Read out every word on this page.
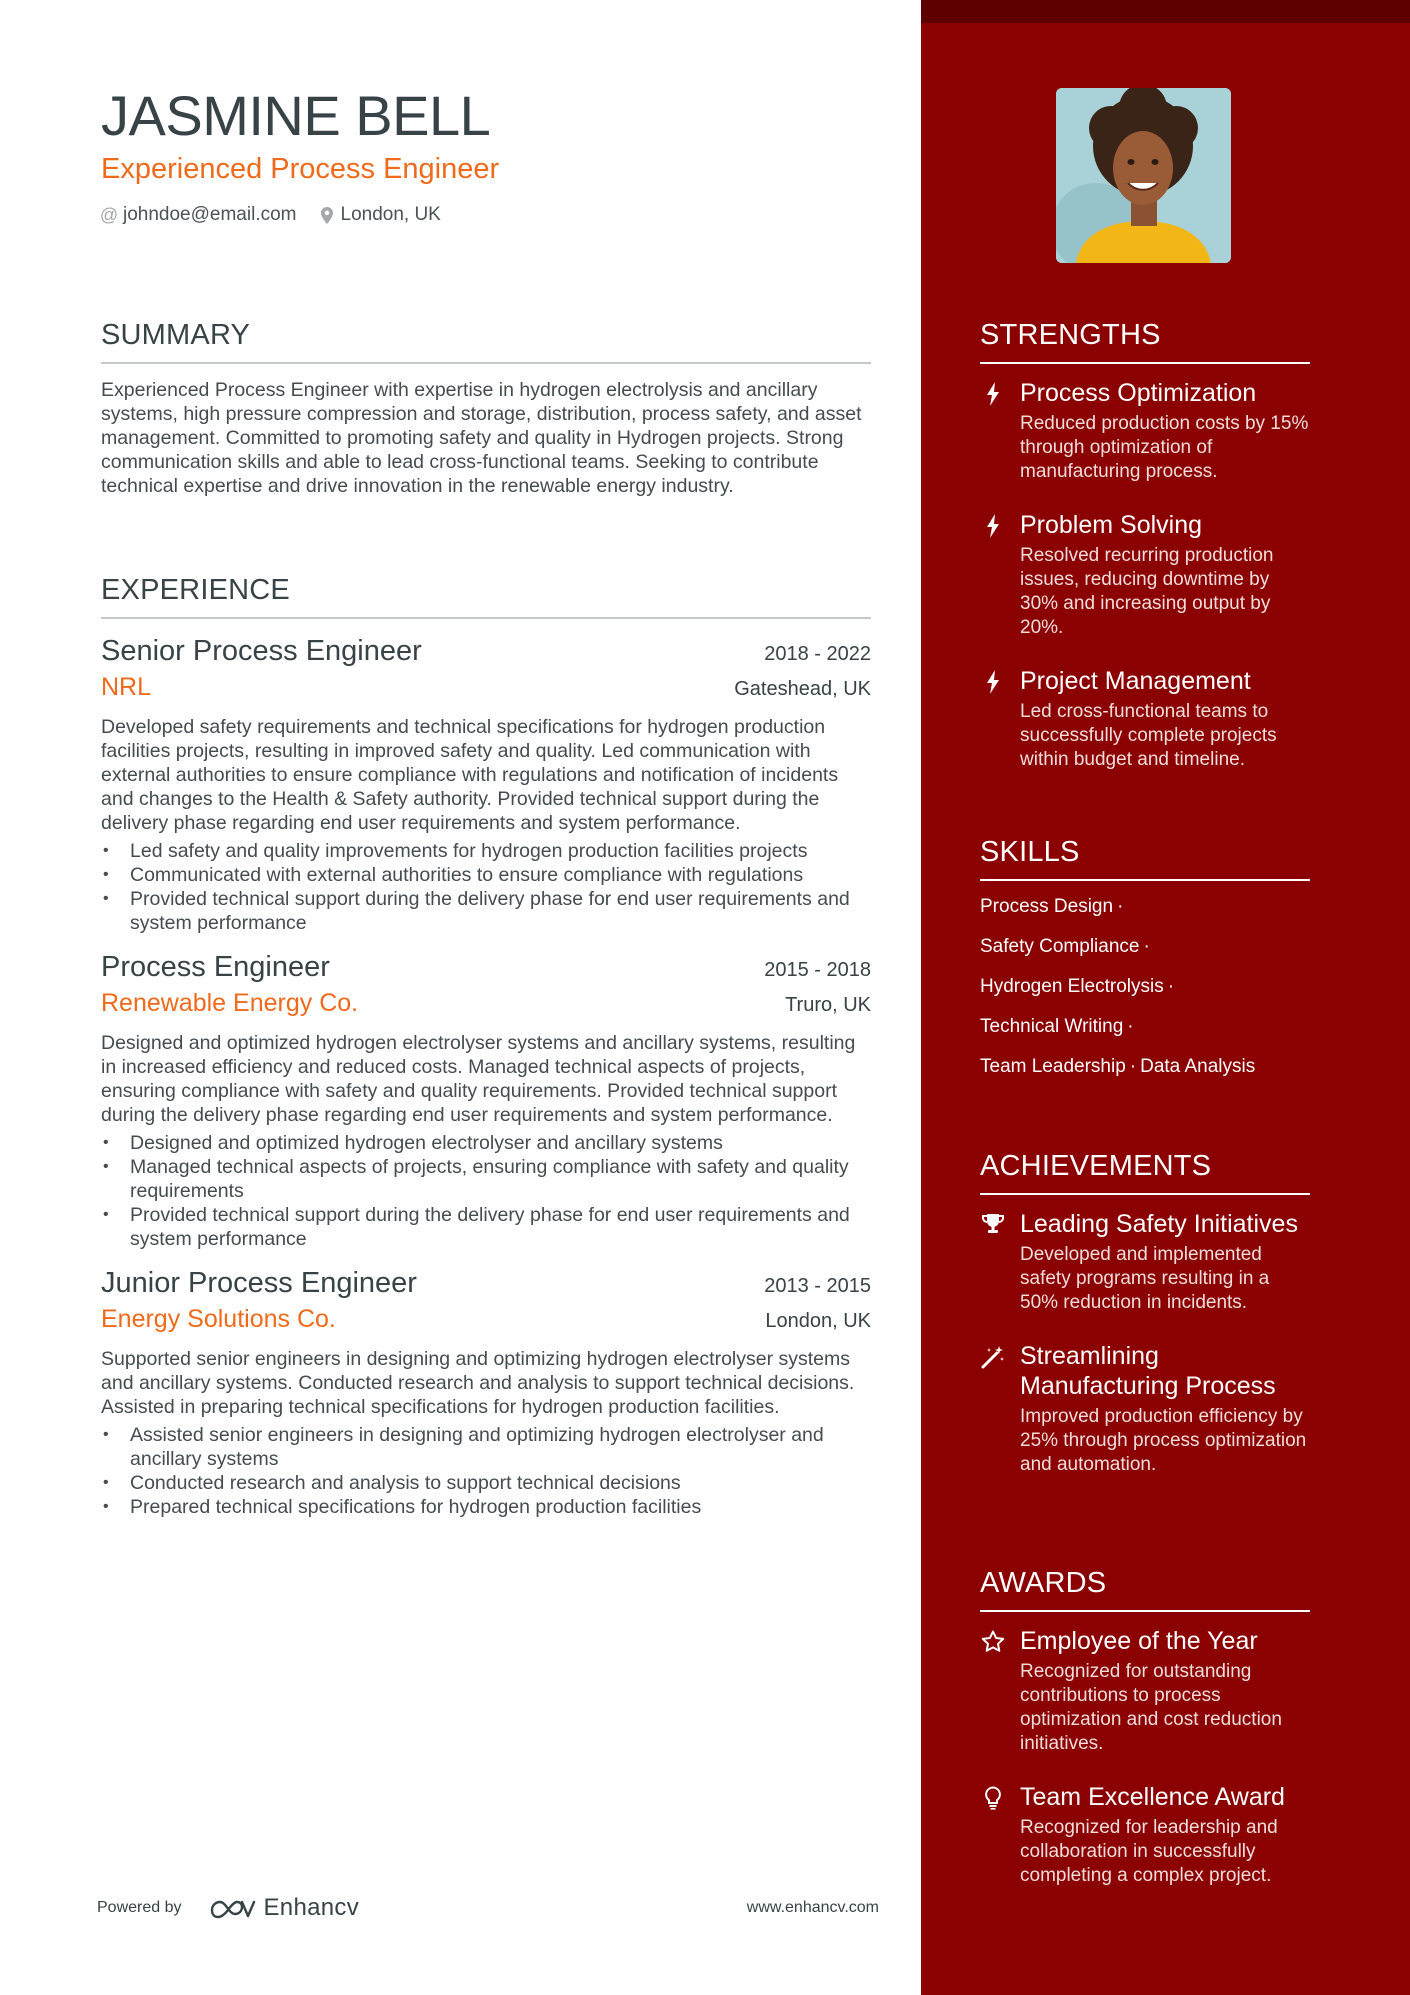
JASMINE BELL
Experienced Process Engineer
@ johndoe@email.com London, UK
SUMMARY
Experienced Process Engineer with expertise in hydrogen electrolysis and ancillary systems, high pressure compression and storage, distribution, process safety, and asset management. Committed to promoting safety and quality in Hydrogen projects. Strong communication skills and able to lead cross-functional teams. Seeking to contribute technical expertise and drive innovation in the renewable energy industry.
EXPERIENCE
Senior Process Engineer	2018 - 2022
NRL	Gateshead, UK
Developed safety requirements and technical specifications for hydrogen production facilities projects, resulting in improved safety and quality. Led communication with external authorities to ensure compliance with regulations and notification of incidents and changes to the Health & Safety authority. Provided technical support during the delivery phase regarding end user requirements and system performance.
• Led safety and quality improvements for hydrogen production facilities projects
• Communicated with external authorities to ensure compliance with regulations
• Provided technical support during the delivery phase for end user requirements and system performance
Process Engineer	2015 - 2018
Renewable Energy Co.	Truro, UK
Designed and optimized hydrogen electrolyser systems and ancillary systems, resulting in increased efficiency and reduced costs. Managed technical aspects of projects, ensuring compliance with safety and quality requirements. Provided technical support during the delivery phase regarding end user requirements and system performance.
• Designed and optimized hydrogen electrolyser and ancillary systems
• Managed technical aspects of projects, ensuring compliance with safety and quality requirements
• Provided technical support during the delivery phase for end user requirements and system performance
Junior Process Engineer	2013 - 2015
Energy Solutions Co.	London, UK
Supported senior engineers in designing and optimizing hydrogen electrolyser systems and ancillary systems. Conducted research and analysis to support technical decisions. Assisted in preparing technical specifications for hydrogen production facilities.
• Assisted senior engineers in designing and optimizing hydrogen electrolyser and ancillary systems
• Conducted research and analysis to support technical decisions
• Prepared technical specifications for hydrogen production facilities
Powered by	Enhancv	www.enhancv.com
STRENGTHS
Process Optimization
Reduced production costs by 15% through optimization of manufacturing process.
Problem Solving
Resolved recurring production issues, reducing downtime by 30% and increasing output by 20%.
Project Management
Led cross-functional teams to successfully complete projects within budget and timeline.
SKILLS
Process Design ·
Safety Compliance ·
Hydrogen Electrolysis ·
Technical Writing ·
Team Leadership · Data Analysis
ACHIEVEMENTS
Leading Safety Initiatives
Developed and implemented safety programs resulting in a 50% reduction in incidents.
Streamlining Manufacturing Process
Improved production efficiency by 25% through process optimization and automation.
AWARDS
Employee of the Year
Recognized for outstanding contributions to process optimization and cost reduction initiatives.
Team Excellence Award
Recognized for leadership and collaboration in successfully completing a complex project.
